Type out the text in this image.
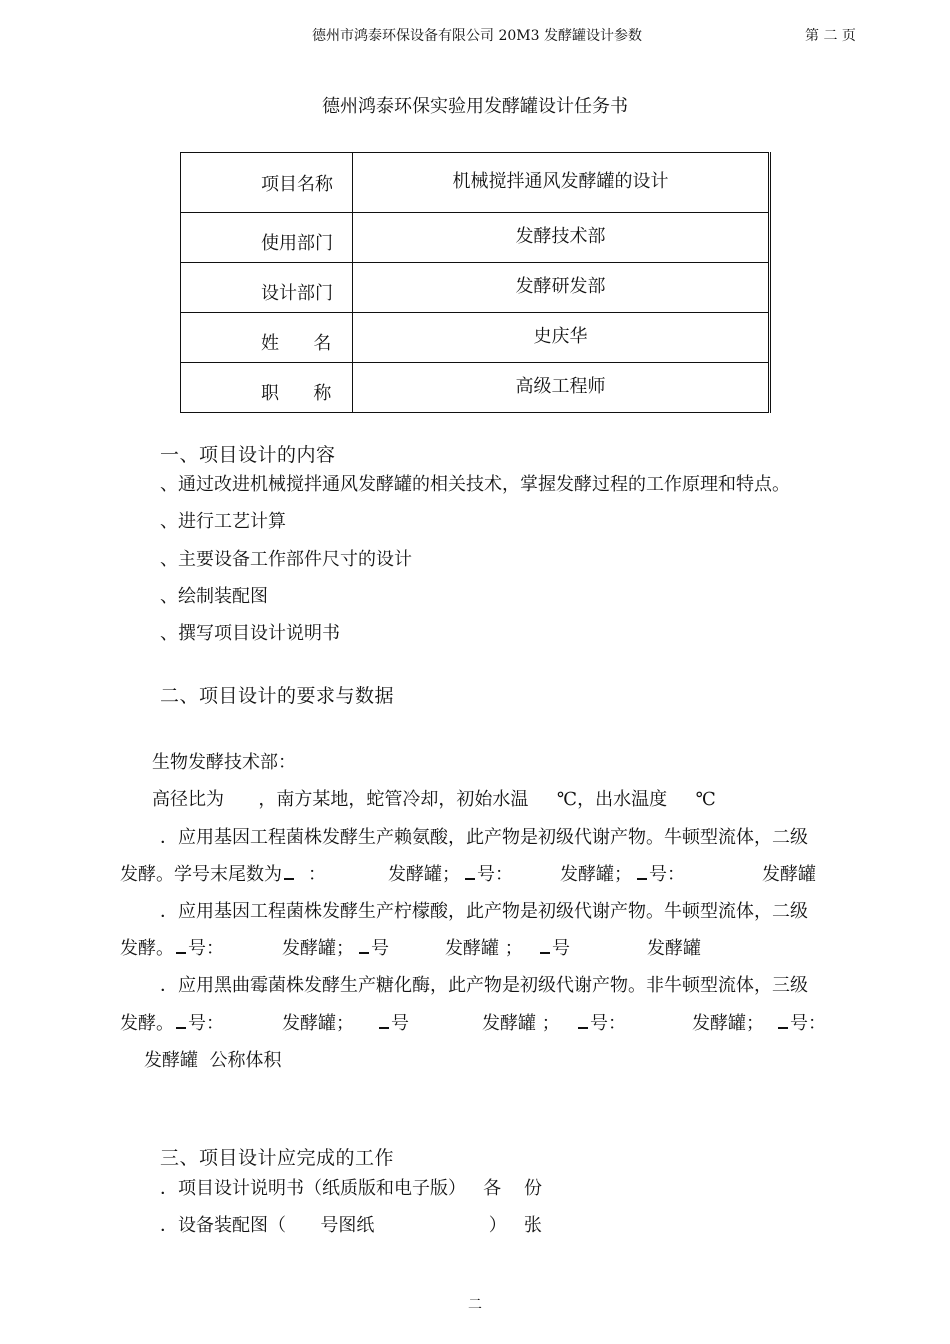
德州市鸿泰环保设备有限公司 20M3 发酵罐设计参数	第 二 页
德州鸿泰环保实验用发酵罐设计任务书
项目名称	机械搅拌通风发酵罐的设计
使用部门	发酵技术部
设计部门	发酵研发部
姓      名	史庆华
职      称	高级工程师
一、项目设计的内容
、通过改进机械搅拌通风发酵罐的相关技术，掌握发酵过程的工作原理和特点。
、进行工艺计算
、主要设备工作部件尺寸的设计
、绘制装配图
、撰写项目设计说明书
二、项目设计的要求与数据
生物发酵技术部：
高径比为      ，南方某地，蛇管冷却，初始水温     ℃，出水温度     ℃
．应用基因工程菌株发酵生产赖氨酸，此产物是初级代谢产物。牛顿型流体，二级
发酵。学号末尾数为 ：	发酵罐； 号：	发酵罐； 号：	发酵罐
．应用基因工程菌株发酵生产柠檬酸，此产物是初级代谢产物。牛顿型流体，二级
发酵。 号：	发酵罐； 号	发酵罐 ；	号	发酵罐
．应用黑曲霉菌株发酵生产糖化酶，此产物是初级代谢产物。非牛顿型流体，三级
发酵。 号：	发酵罐；	号	发酵罐 ；	号：	发酵罐；	号：
发酵罐  公称体积
三、项目设计应完成的工作
．项目设计说明书（纸质版和电子版）   各    份
．设备装配图（      号图纸                    ）   张
二
